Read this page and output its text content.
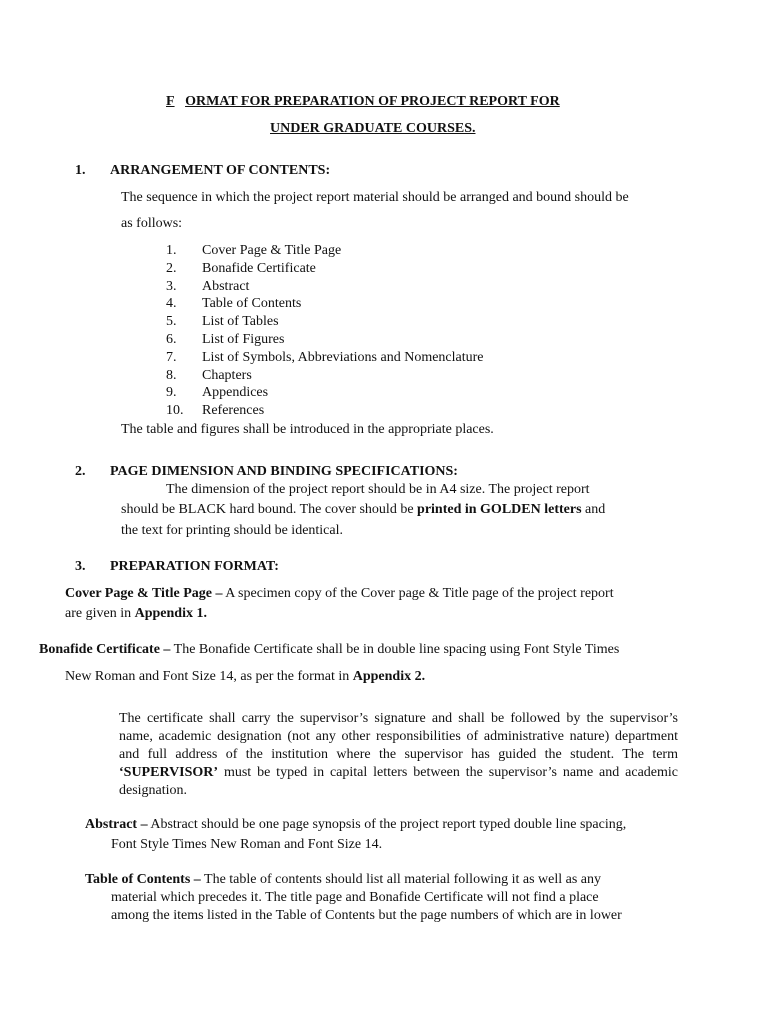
F ORMAT FOR PREPARATION OF PROJECT REPORT FOR
UNDER GRADUATE COURSES.
1. ARRANGEMENT OF CONTENTS:
The sequence in which the project report material should be arranged and bound should be
as follows:
1. Cover Page & Title Page
2. Bonafide Certificate
3. Abstract
4. Table of Contents
5. List of Tables
6. List of Figures
7. List of Symbols, Abbreviations and Nomenclature
8. Chapters
9. Appendices
10. References
The table and figures shall be introduced in the appropriate places.
2. PAGE DIMENSION AND BINDING SPECIFICATIONS:
The dimension of the project report should be in A4 size. The project report
should be BLACK hard bound. The cover should be printed in GOLDEN letters and
the text for printing should be identical.
3. PREPARATION FORMAT:
Cover Page & Title Page – A specimen copy of the Cover page & Title page of the project report
are given in Appendix 1.
Bonafide Certificate – The Bonafide Certificate shall be in double line spacing using Font Style Times
New Roman and Font Size 14, as per the format in Appendix 2.
The certificate shall carry the supervisor’s signature and shall be followed by the supervisor’s name, academic designation (not any other responsibilities of administrative nature) department and full address of the institution where the supervisor has guided the student. The term ‘SUPERVISOR’ must be typed in capital letters between the supervisor’s name and academic designation.
Abstract – Abstract should be one page synopsis of the project report typed double line spacing,
Font Style Times New Roman and Font Size 14.
Table of Contents – The table of contents should list all material following it as well as any
material which precedes it. The title page and Bonafide Certificate will not find a place
among the items listed in the Table of Contents but the page numbers of which are in lower
